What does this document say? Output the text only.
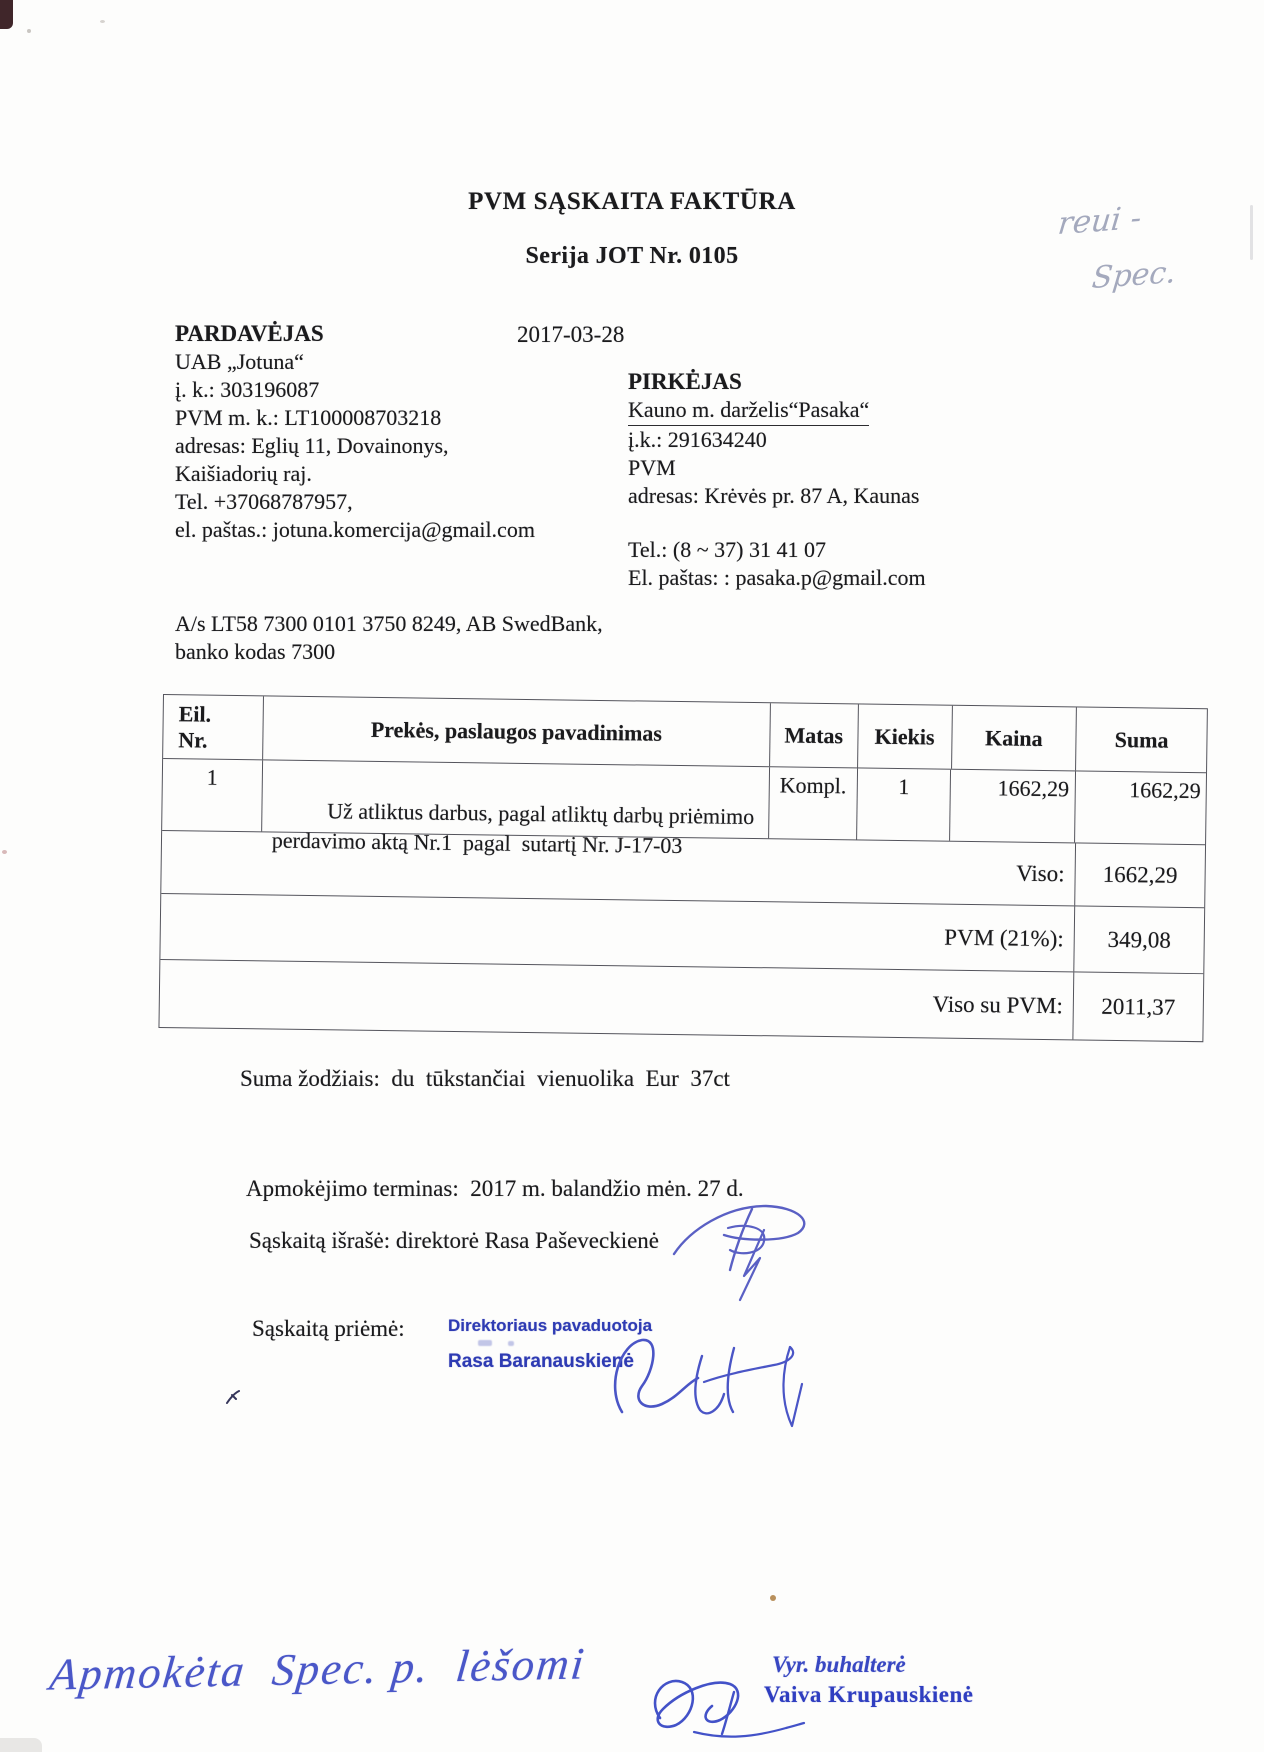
PVM SĄSKAITA FAKTŪRA
Serija JOT Nr. 0105
2017-03-28
reui -
Spec.
PARDAVĖJAS
UAB „Jotuna“
į. k.: 303196087
PVM m. k.: LT100008703218
adresas: Eglių 11, Dovainonys,
Kaišiadorių raj.
Tel. +37068787957,
el. paštas.: jotuna.komercija@gmail.com
PIRKĖJAS
Kauno m. darželis“Pasaka“
į.k.: 291634240
PVM
adresas: Krėvės pr. 87 A, Kaunas
Tel.: (8 ~ 37) 31 41 07
El. paštas: : pasaka.p@gmail.com
A/s LT58 7300 0101 3750 8249, AB SwedBank,
banko kodas 7300
Eil.
Nr.	Prekės, paslaugos pavadinimas	Matas	Kiekis	Kaina	Suma
1

Už atliktus darbus, pagal atliktų darbų priėmimo
perdavimo aktą Nr.1  pagal  sutartį Nr. J-17-03

Kompl.	1	1662,29	1662,29
Viso:	1662,29
PVM (21%):	349,08
Viso su PVM:	2011,37
Suma žodžiais:  du  tūkstančiai  vienuolika  Eur  37ct
Apmokėjimo terminas:  2017 m. balandžio mėn. 27 d.
Sąskaitą išrašė: direktorė Rasa Paševeckienė
Sąskaitą priėmė:	Direktoriaus pavaduotoja
Rasa Baranauskienė
Apmokėta  Spec. p.  lėšomi	Vyr. buhalterė
Vaiva Krupauskienė
